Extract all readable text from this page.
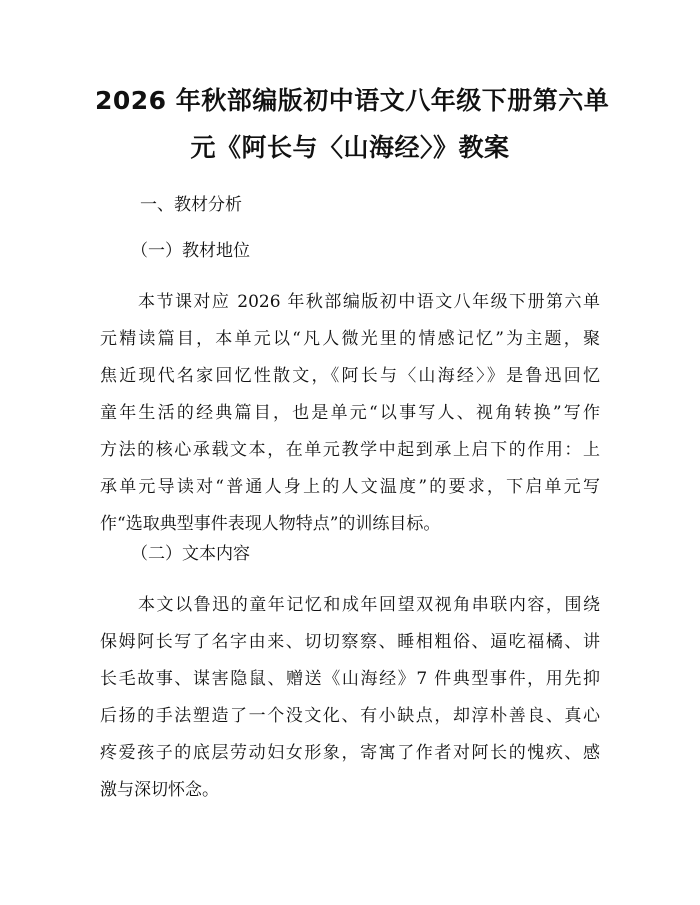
2026 年秋部编版初中语文八年级下册第六单
元《阿长与〈山海经〉》教案
一、教材分析
（一）教材地位
本节课对应 2026 年秋部编版初中语文八年级下册第六单
元精读篇目，本单元以“凡人微光里的情感记忆”为主题，聚
焦近现代名家回忆性散文，《阿长与〈山海经〉》是鲁迅回忆
童年生活的经典篇目，也是单元“以事写人、视角转换”写作
方法的核心承载文本，在单元教学中起到承上启下的作用：上
承单元导读对“普通人身上的人文温度”的要求，下启单元写
作“选取典型事件表现人物特点”的训练目标。
（二）文本内容
本文以鲁迅的童年记忆和成年回望双视角串联内容，围绕
保姆阿长写了名字由来、切切察察、睡相粗俗、逼吃福橘、讲
长毛故事、谋害隐鼠、赠送《山海经》7 件典型事件，用先抑
后扬的手法塑造了一个没文化、有小缺点，却淳朴善良、真心
疼爱孩子的底层劳动妇女形象，寄寓了作者对阿长的愧疚、感
激与深切怀念。
